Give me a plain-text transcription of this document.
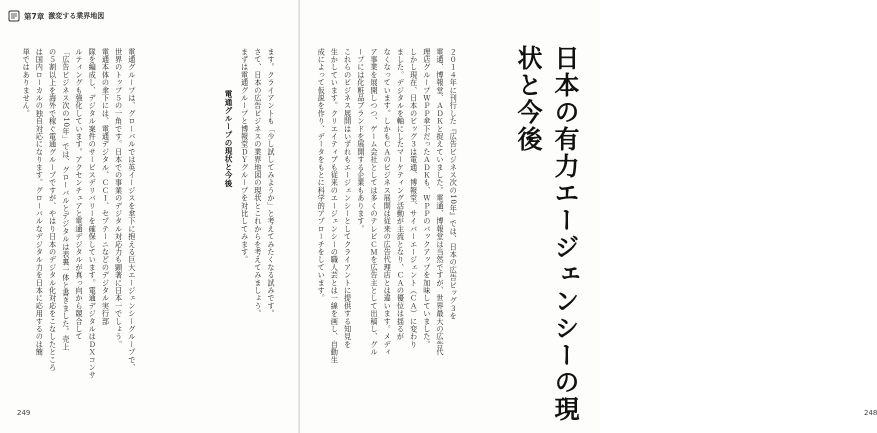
第7章 激変する業界地図
ます。クライアントも「少し試してみようか」と考えてみたくなる試みです。
さて、日本の広告ビジネスの業界地図の現状とこれからを考えてみましょう。
まずは電通グループと博報堂ＤＹグループを対比してみます。
電通グループの現状と今後
電通グループは、グローバルでは英イージスを傘下に抱える巨大エージェンシーグループで、
世界のトップ５の一角です。日本での事業のデジタル対応力も顕著に日本一でしょう。
電通本体の傘下には、電通デジタル、ＣＣＩ、セプテーニなどのデジタル実行部
隊を編成し、デジタル案件のサービスデリバリーを確保しています。電通デジタルはＤＸコンサ
ルティングも強化しています。アクセンチュアと電通デジタルが真っ向から競合して
「広告ビジネス次の10年」では、グローバルとデジタルは表裏一体と書きました。売上
の５割以上を海外で稼ぐ電通グループですが、やはり日本のデジタル化対応をこなしたところ
は国内ローカルの独自対応になります。グローバルなデジタル力を日本に応用するのは簡
単ではありません。
249	248
日本の有力エージェンシーの現状と今後
２０１４年に刊行した『広告ビジネス次の10年』では、日本の広告ビッグ３を
電通、博報堂、ＡＤＫと捉えていました。電通、博報堂は当然ですが、世界最大の広告代
理店グループＷＰＰ傘下だったＡＤＫも、ＷＰＰのバックアップを加味していました。
しかし現在、日本のビッグ３は電通、博報堂、サイバーエージェント（ＣＡ）に変わり
ました。デジタルを軸にしたマーケティング活動が主流となり、ＣＡの優位は揺るが
なくなっています。しかもＣＡのビジネス展開は従来の広告代理店とは違います。メディ
ア事業を展開しつつ、ゲーム会社としては多くのテレビＣＭを広告主として出稿し、グル
ープには化粧品ブランドを展開する企業もあります。
これらのビジネス展開はいずれもエージェンシーとしてクライアントに提供する知見を
生かしています。クリエイティブも従来のエージェンシーの職人芸とは一線を画し、自動生
成によって仮説を作り、データをもとに科学的アプローチをしています。
